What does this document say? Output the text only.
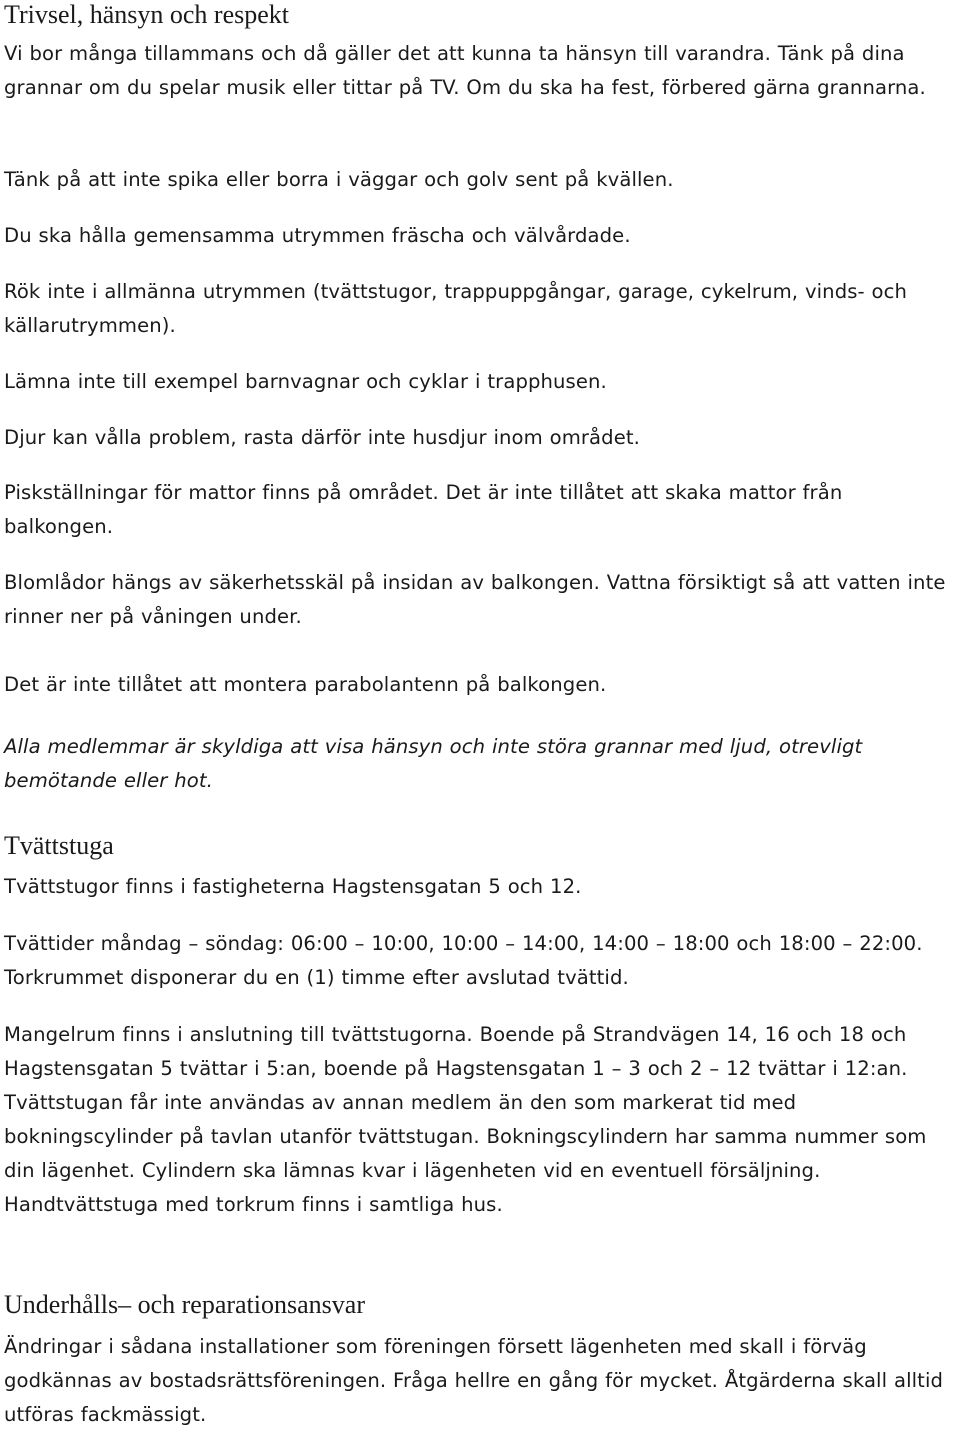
Trivsel, hänsyn och respekt

Vi bor många tillammans och då gäller det att kunna ta hänsyn till varandra. Tänk på dina grannar om du spelar musik eller tittar på TV. Om du ska ha fest, förbered gärna grannarna.

Tänk på att inte spika eller borra i väggar och golv sent på kvällen.

Du ska hålla gemensamma utrymmen fräscha och välvårdade.

Rök inte i allmänna utrymmen (tvättstugor, trappuppgångar, garage, cykelrum, vinds- och källarutrymmen).

Lämna inte till exempel barnvagnar och cyklar i trapphusen.

Djur kan vålla problem, rasta därför inte husdjur inom området.

Piskställningar för mattor finns på området. Det är inte tillåtet att skaka mattor från balkongen.

Blomlådor hängs av säkerhetsskäl på insidan av balkongen. Vattna försiktigt så att vatten inte rinner ner på våningen under.

Det är inte tillåtet att montera parabolantenn på balkongen.

Alla medlemmar är skyldiga att visa hänsyn och inte störa grannar med ljud, otrevligt bemötande eller hot.

Tvättstuga

Tvättstugor finns i fastigheterna Hagstensgatan 5 och 12.

Tvättider måndag – söndag: 06:00 – 10:00, 10:00 – 14:00, 14:00 – 18:00 och 18:00 – 22:00. Torkrummet disponerar du en (1) timme efter avslutad tvättid.

Mangelrum finns i anslutning till tvättstugorna. Boende på Strandvägen 14, 16 och 18 och Hagstensgatan 5 tvättar i 5:an, boende på Hagstensgatan 1 – 3 och 2 – 12 tvättar i 12:an. Tvättstugan får inte användas av annan medlem än den som markerat tid med bokningscylinder på tavlan utanför tvättstugan. Bokningscylindern har samma nummer som din lägenhet. Cylindern ska lämnas kvar i lägenheten vid en eventuell försäljning. Handtvättstuga med torkrum finns i samtliga hus.

Underhålls– och reparationsansvar

Ändringar i sådana installationer som föreningen försett lägenheten med skall i förväg godkännas av bostadsrättsföreningen. Fråga hellre en gång för mycket. Åtgärderna skall alltid utföras fackmässigt.
